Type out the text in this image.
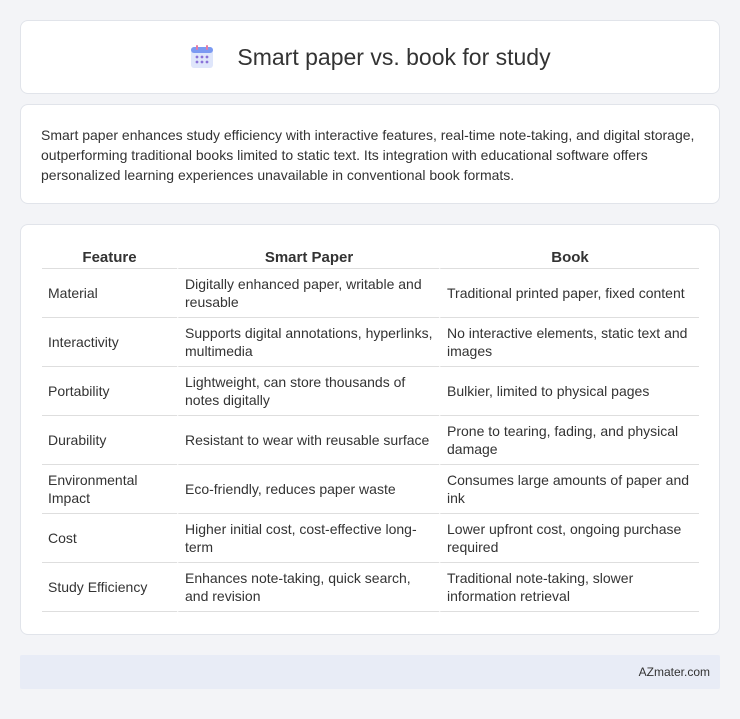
Smart paper vs. book for study

Smart paper enhances study efficiency with interactive features, real-time note-taking, and digital storage, outperforming traditional books limited to static text. Its integration with educational software offers personalized learning experiences unavailable in conventional book formats.

Feature	Smart Paper	Book
Material	Digitally enhanced paper, writable and reusable	Traditional printed paper, fixed content
Interactivity	Supports digital annotations, hyperlinks, multimedia	No interactive elements, static text and images
Portability	Lightweight, can store thousands of notes digitally	Bulkier, limited to physical pages
Durability	Resistant to wear with reusable surface	Prone to tearing, fading, and physical damage
Environmental Impact	Eco-friendly, reduces paper waste	Consumes large amounts of paper and ink
Cost	Higher initial cost, cost-effective long-term	Lower upfront cost, ongoing purchase required
Study Efficiency	Enhances note-taking, quick search, and revision	Traditional note-taking, slower information retrieval
AZmater.com
